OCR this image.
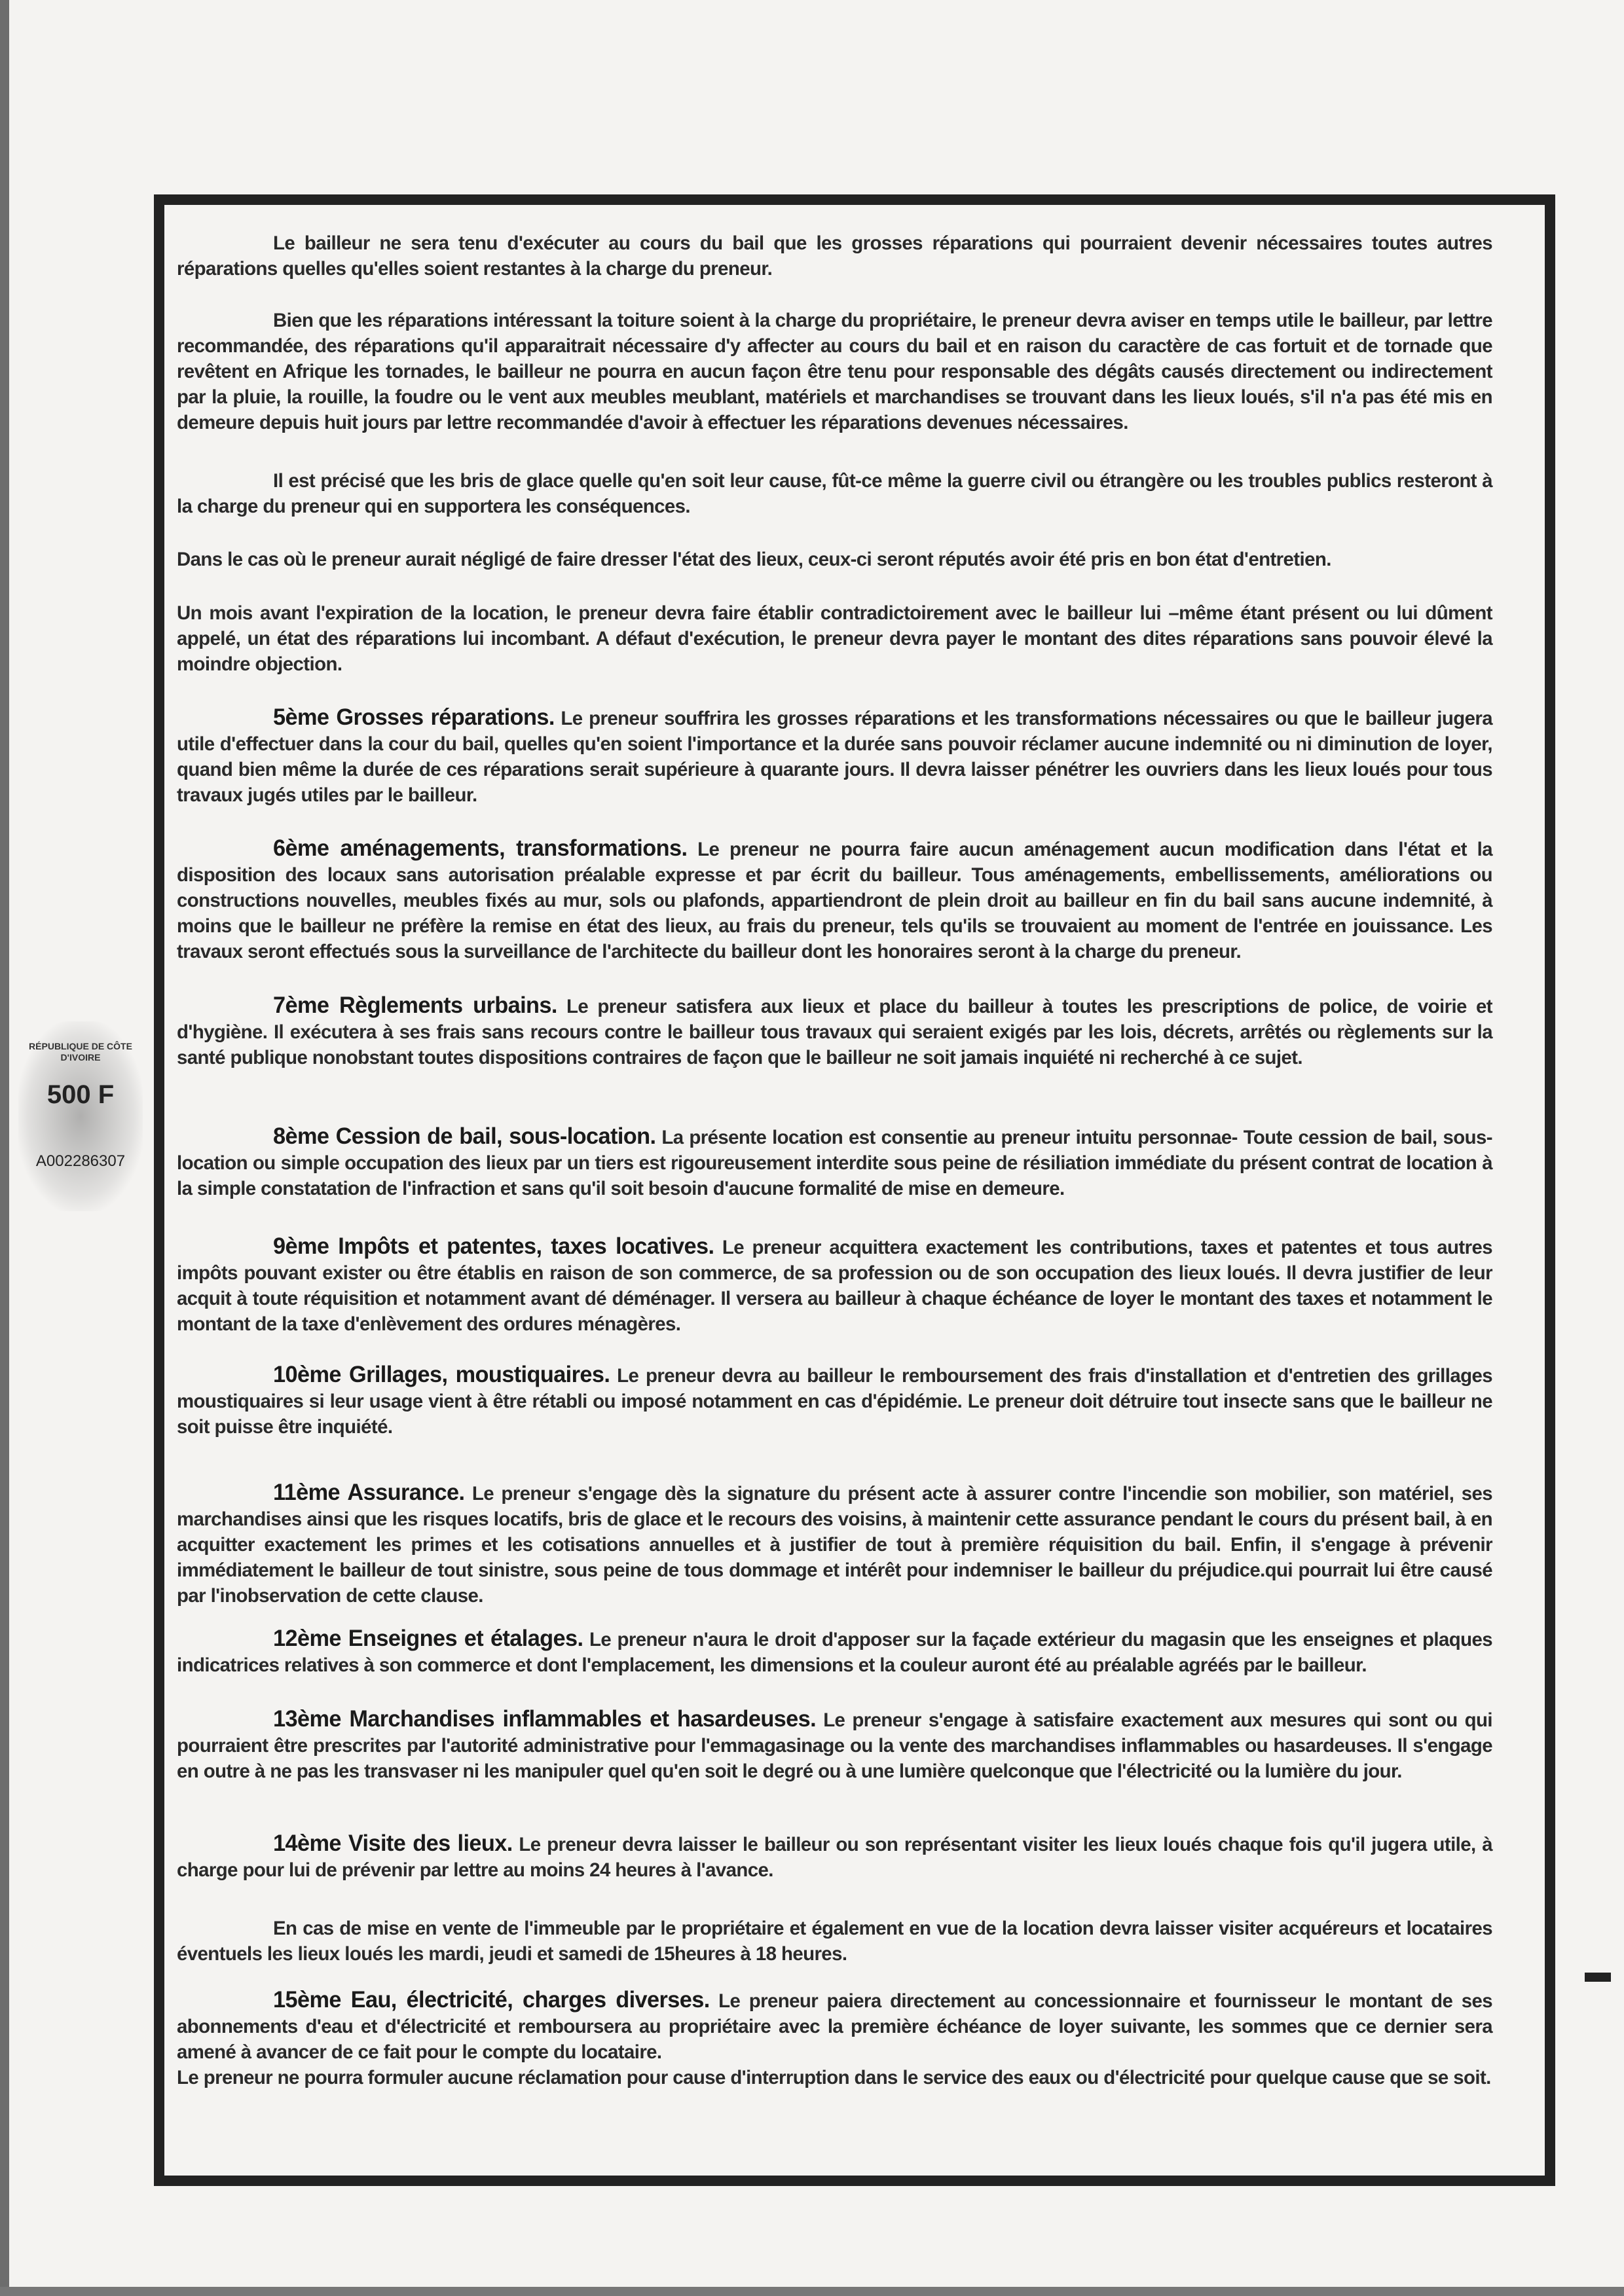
Le bailleur ne sera tenu d'exécuter au cours du bail que les grosses réparations qui pourraient devenir nécessaires toutes autres réparations quelles qu'elles soient restantes à la charge du preneur.
Bien que les réparations intéressant la toiture soient à la charge du propriétaire, le preneur devra aviser en temps utile le bailleur, par lettre recommandée, des réparations qu'il apparaitrait nécessaire d'y affecter au cours du bail et en raison du caractère de cas fortuit et de tornade que revêtent en Afrique les tornades, le bailleur ne pourra en aucun façon être tenu pour responsable des dégâts causés directement ou indirectement par la pluie, la rouille, la foudre ou le vent aux meubles meublant, matériels et marchandises se trouvant dans les lieux loués, s'il n'a pas été mis en demeure depuis huit jours par lettre recommandée d'avoir à effectuer les réparations devenues nécessaires.
Il est précisé que les bris de glace quelle qu'en soit leur cause, fût-ce même la guerre civil ou étrangère ou les troubles publics resteront à la charge du preneur qui en supportera les conséquences.
Dans le cas où le preneur aurait négligé de faire dresser l'état des lieux, ceux-ci seront réputés avoir été pris en bon état d'entretien.
Un mois avant l'expiration de la location, le preneur devra faire établir contradictoirement avec le bailleur lui –même étant présent ou lui dûment appelé, un état des réparations lui incombant. A défaut d'exécution, le preneur devra payer le montant des dites réparations sans pouvoir élevé la moindre objection.
5ème Grosses réparations. Le preneur souffrira les grosses réparations et les transformations nécessaires ou que le bailleur jugera utile d'effectuer dans la cour du bail, quelles qu'en soient l'importance et la durée sans pouvoir réclamer aucune indemnité ou ni diminution de loyer, quand bien même la durée de ces réparations serait supérieure à quarante jours. Il devra laisser pénétrer les ouvriers dans les lieux loués pour tous travaux jugés utiles par le bailleur.
6ème aménagements, transformations. Le preneur ne pourra faire aucun aménagement aucun modification dans l'état et la disposition des locaux sans autorisation préalable expresse et par écrit du bailleur. Tous aménagements, embellissements, améliorations ou constructions nouvelles, meubles fixés au mur, sols ou plafonds, appartiendront de plein droit au bailleur en fin du bail sans aucune indemnité, à moins que le bailleur ne préfère la remise en état des lieux, au frais du preneur, tels qu'ils se trouvaient au moment de l'entrée en jouissance. Les travaux seront effectués sous la surveillance de l'architecte du bailleur dont les honoraires seront à la charge du preneur.
7ème Règlements urbains. Le preneur satisfera aux lieux et place du bailleur à toutes les prescriptions de police, de voirie et d'hygiène. Il exécutera à ses frais sans recours contre le bailleur tous travaux qui seraient exigés par les lois, décrets, arrêtés ou règlements sur la santé publique nonobstant toutes dispositions contraires de façon que le bailleur ne soit jamais inquiété ni recherché à ce sujet.
8ème Cession de bail, sous-location. La présente location est consentie au preneur intuitu personnae- Toute cession de bail, sous-location ou simple occupation des lieux par un tiers est rigoureusement interdite sous peine de résiliation immédiate du présent contrat de location à la simple constatation de l'infraction et sans qu'il soit besoin d'aucune formalité de mise en demeure.
9ème Impôts et patentes, taxes locatives. Le preneur acquittera exactement les contributions, taxes et patentes et tous autres impôts pouvant exister ou être établis en raison de son commerce, de sa profession ou de son occupation des lieux loués. Il devra justifier de leur acquit à toute réquisition et notamment avant dé déménager. Il versera au bailleur à chaque échéance de loyer le montant des taxes et notamment le montant de la taxe d'enlèvement des ordures ménagères.
10ème Grillages, moustiquaires. Le preneur devra au bailleur le remboursement des frais d'installation et d'entretien des grillages moustiquaires si leur usage vient à être rétabli ou imposé notamment en cas d'épidémie. Le preneur doit détruire tout insecte sans que le bailleur ne soit puisse être inquiété.
11ème Assurance. Le preneur s'engage dès la signature du présent acte à assurer contre l'incendie son mobilier, son matériel, ses marchandises ainsi que les risques locatifs, bris de glace et le recours des voisins, à maintenir cette assurance pendant le cours du présent bail, à en acquitter exactement les primes et les cotisations annuelles et à justifier de tout à première réquisition du bail. Enfin, il s'engage à prévenir immédiatement le bailleur de tout sinistre, sous peine de tous dommage et intérêt pour indemniser le bailleur du préjudice.qui pourrait lui être causé par l'inobservation de cette clause.
12ème Enseignes et étalages. Le preneur n'aura le droit d'apposer sur la façade extérieur du magasin que les enseignes et plaques indicatrices relatives à son commerce et dont l'emplacement, les dimensions et la couleur auront été au préalable agréés par le bailleur.
13ème Marchandises inflammables et hasardeuses. Le preneur s'engage à satisfaire exactement aux mesures qui sont ou qui pourraient être prescrites par l'autorité administrative pour l'emmagasinage ou la vente des marchandises inflammables ou hasardeuses. Il s'engage en outre à ne pas les transvaser ni les manipuler quel qu'en soit le degré ou à une lumière quelconque que l'électricité ou la lumière du jour.
14ème Visite des lieux. Le preneur devra laisser le bailleur ou son représentant visiter les lieux loués chaque fois qu'il jugera utile, à charge pour lui de prévenir par lettre au moins 24 heures à l'avance.
En cas de mise en vente de l'immeuble par le propriétaire et également en vue de la location devra laisser visiter acquéreurs et locataires éventuels les lieux loués les mardi, jeudi et samedi de 15heures à 18 heures.
15ème Eau, électricité, charges diverses. Le preneur paiera directement au concessionnaire et fournisseur le montant de ses abonnements d'eau et d'électricité et remboursera au propriétaire avec la première échéance de loyer suivante, les sommes que ce dernier sera amené à avancer de ce fait pour le compte du locataire.
Le preneur ne pourra formuler aucune réclamation pour cause d'interruption dans le service des eaux ou d'électricité pour quelque cause que se soit.
RÉPUBLIQUE DE CÔTE D'IVOIRE
500 F
A002286307
